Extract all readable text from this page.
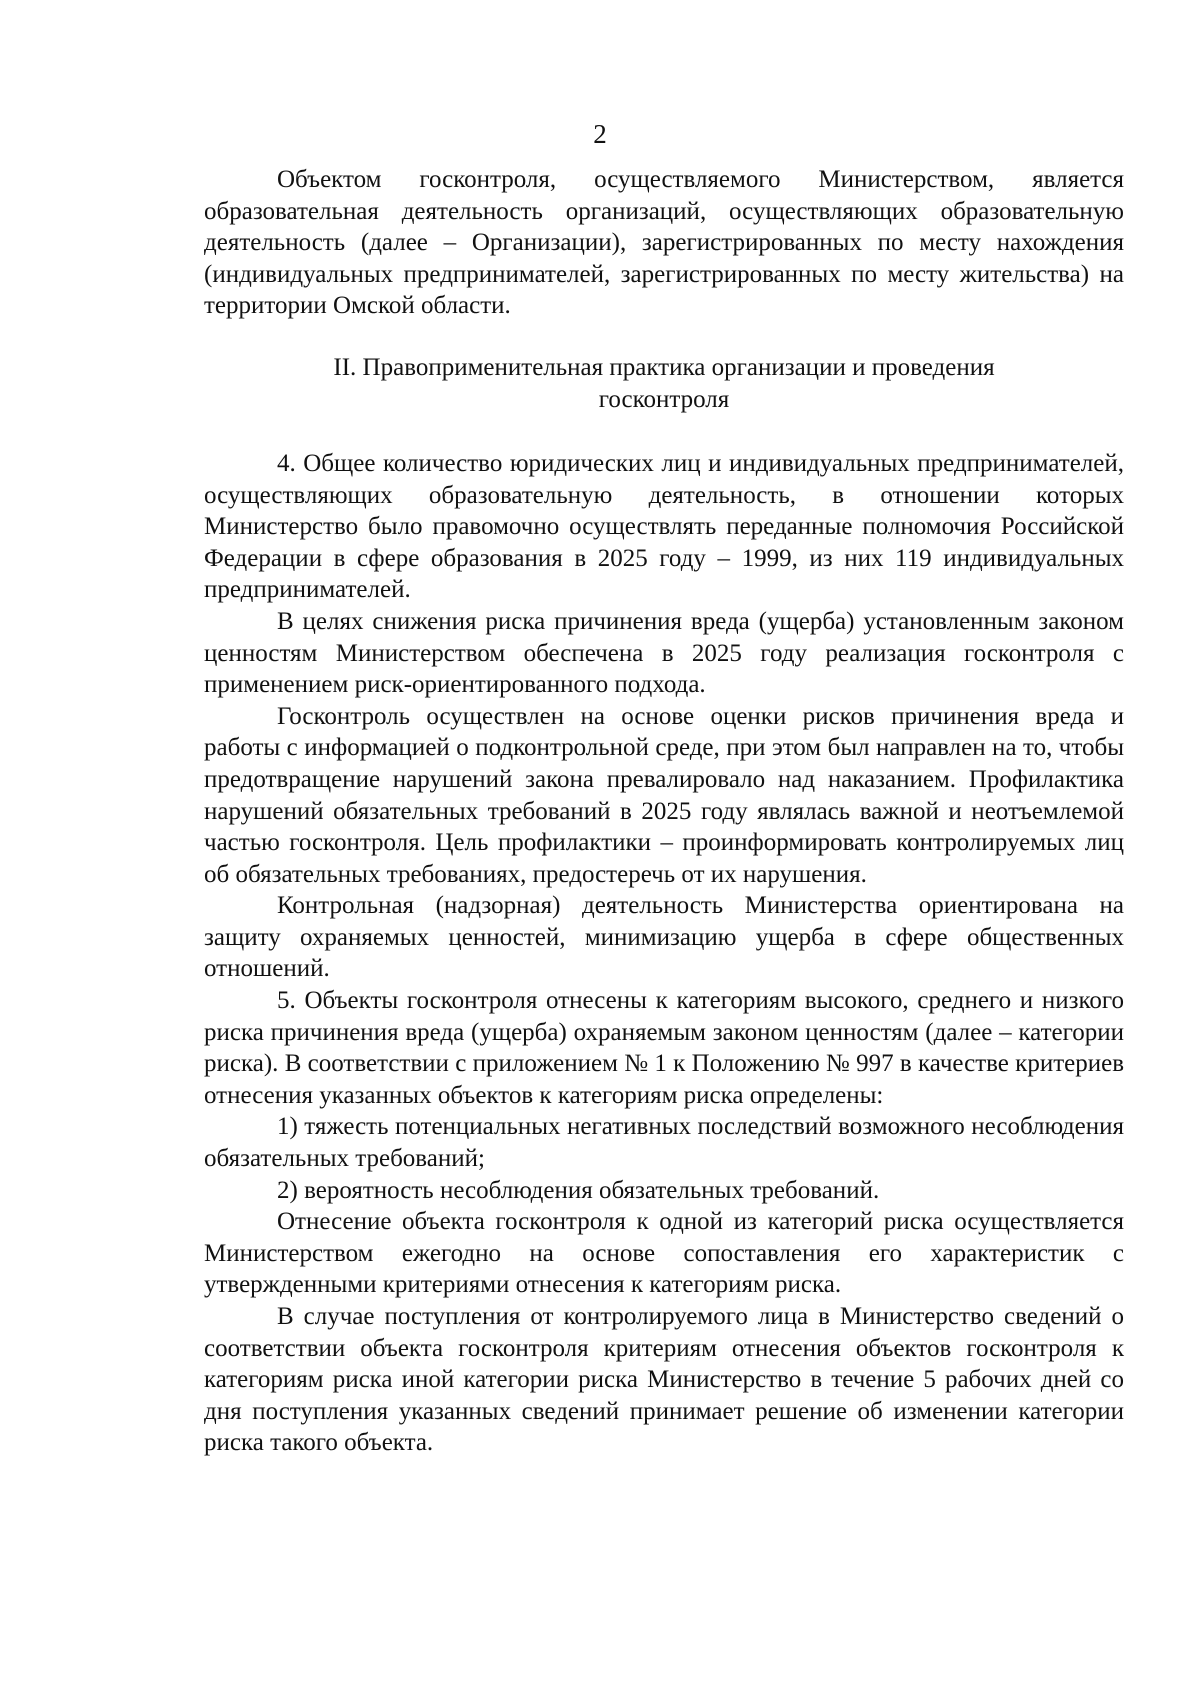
2

Объектом госконтроля, осуществляемого Министерством, является образовательная деятельность организаций, осуществляющих образовательную деятельность (далее – Организации), зарегистрированных по месту нахождения (индивидуальных предпринимателей, зарегистрированных по месту жительства) на территории Омской области.

II. Правоприменительная практика организации и проведения
госконтроля

4. Общее количество юридических лиц и индивидуальных предпринимателей, осуществляющих образовательную деятельность, в отношении которых Министерство было правомочно осуществлять переданные полномочия Российской Федерации в сфере образования в 2025 году – 1999, из них 119 индивидуальных предпринимателей.

В целях снижения риска причинения вреда (ущерба) установленным законом ценностям Министерством обеспечена в 2025 году реализация госконтроля с применением риск-ориентированного подхода.

Госконтроль осуществлен на основе оценки рисков причинения вреда и работы с информацией о подконтрольной среде, при этом был направлен на то, чтобы предотвращение нарушений закона превалировало над наказанием. Профилактика нарушений обязательных требований в 2025 году являлась важной и неотъемлемой частью госконтроля. Цель профилактики – проинформировать контролируемых лиц об обязательных требованиях, предостеречь от их нарушения.

Контрольная (надзорная) деятельность Министерства ориентирована на защиту охраняемых ценностей, минимизацию ущерба в сфере общественных отношений.

5. Объекты госконтроля отнесены к категориям высокого, среднего и низкого риска причинения вреда (ущерба) охраняемым законом ценностям (далее – категории риска). В соответствии с приложением № 1 к Положению № 997 в качестве критериев отнесения указанных объектов к категориям риска определены:

1) тяжесть потенциальных негативных последствий возможного несоблюдения обязательных требований;

2) вероятность несоблюдения обязательных требований.

Отнесение объекта госконтроля к одной из категорий риска осуществляется Министерством ежегодно на основе сопоставления его характеристик с утвержденными критериями отнесения к категориям риска.

В случае поступления от контролируемого лица в Министерство сведений о соответствии объекта госконтроля критериям отнесения объектов госконтроля к категориям риска иной категории риска Министерство в течение 5 рабочих дней со дня поступления указанных сведений принимает решение об изменении категории риска такого объекта.
